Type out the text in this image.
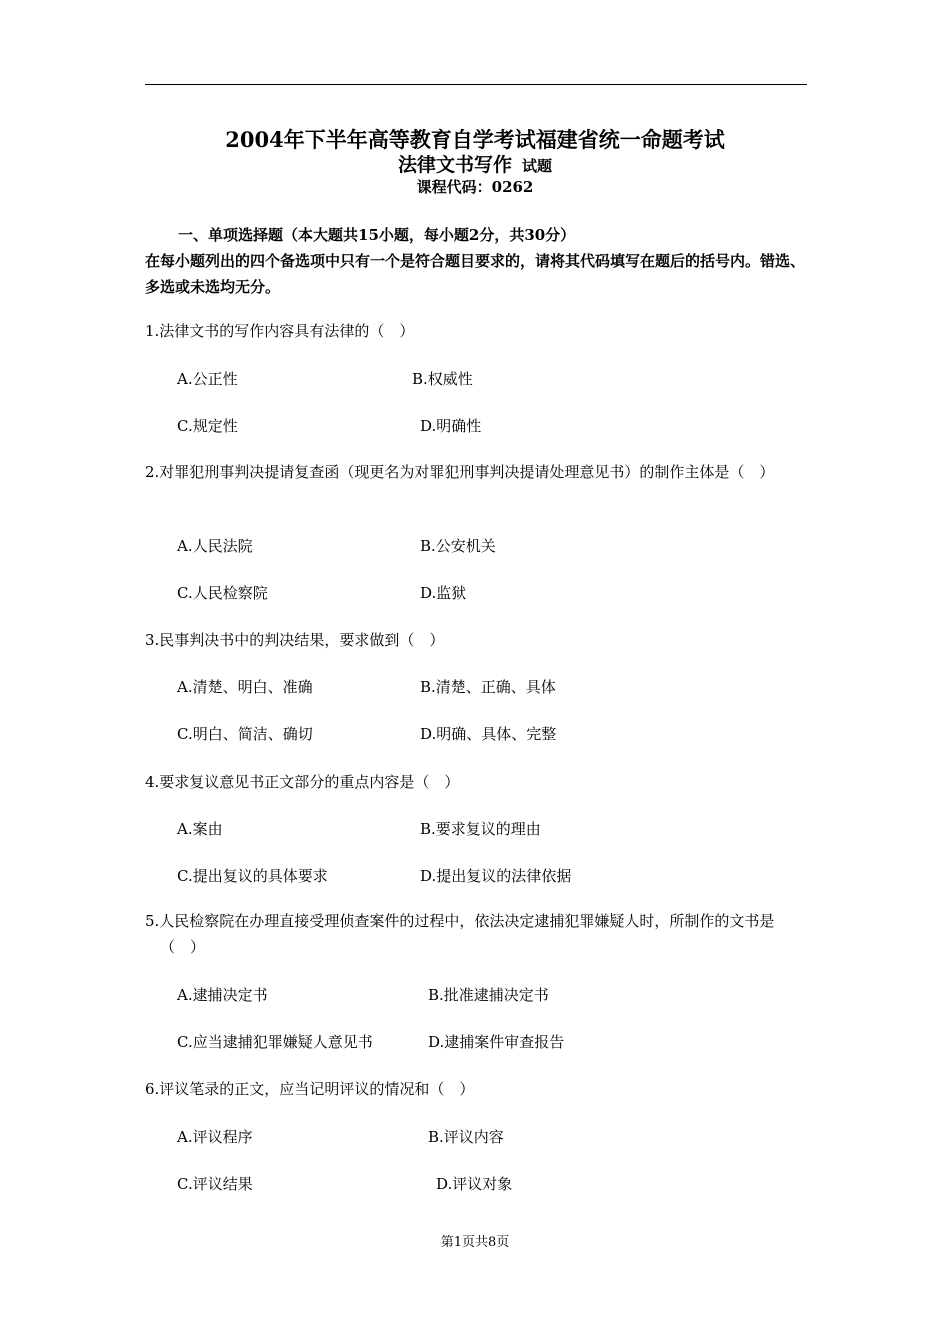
2004年下半年高等教育自学考试福建省统一命题考试
法律文书写作 试题
课程代码：0262
一、单项选择题（本大题共15小题，每小题2分，共30分）
在每小题列出的四个备选项中只有一个是符合题目要求的，请将其代码填写在题后的括号内。错选、多选或未选均无分。
1.法律文书的写作内容具有法律的（　）
A.公正性	B.权威性
C.规定性	D.明确性
2.对罪犯刑事判决提请复查函（现更名为对罪犯刑事判决提请处理意见书）的制作主体是（　）
A.人民法院	B.公安机关
C.人民检察院	D.监狱
3.民事判决书中的判决结果，要求做到（　）
A.清楚、明白、准确	B.清楚、正确、具体
C.明白、简洁、确切	D.明确、具体、完整
4.要求复议意见书正文部分的重点内容是（　）
A.案由	B.要求复议的理由
C.提出复议的具体要求	D.提出复议的法律依据
5.人民检察院在办理直接受理侦查案件的过程中，依法决定逮捕犯罪嫌疑人时，所制作的文书是（　）
A.逮捕决定书	B.批准逮捕决定书
C.应当逮捕犯罪嫌疑人意见书	D.逮捕案件审查报告
6.评议笔录的正文，应当记明评议的情况和（　）
A.评议程序	B.评议内容
C.评议结果	D.评议对象
第1页共8页
